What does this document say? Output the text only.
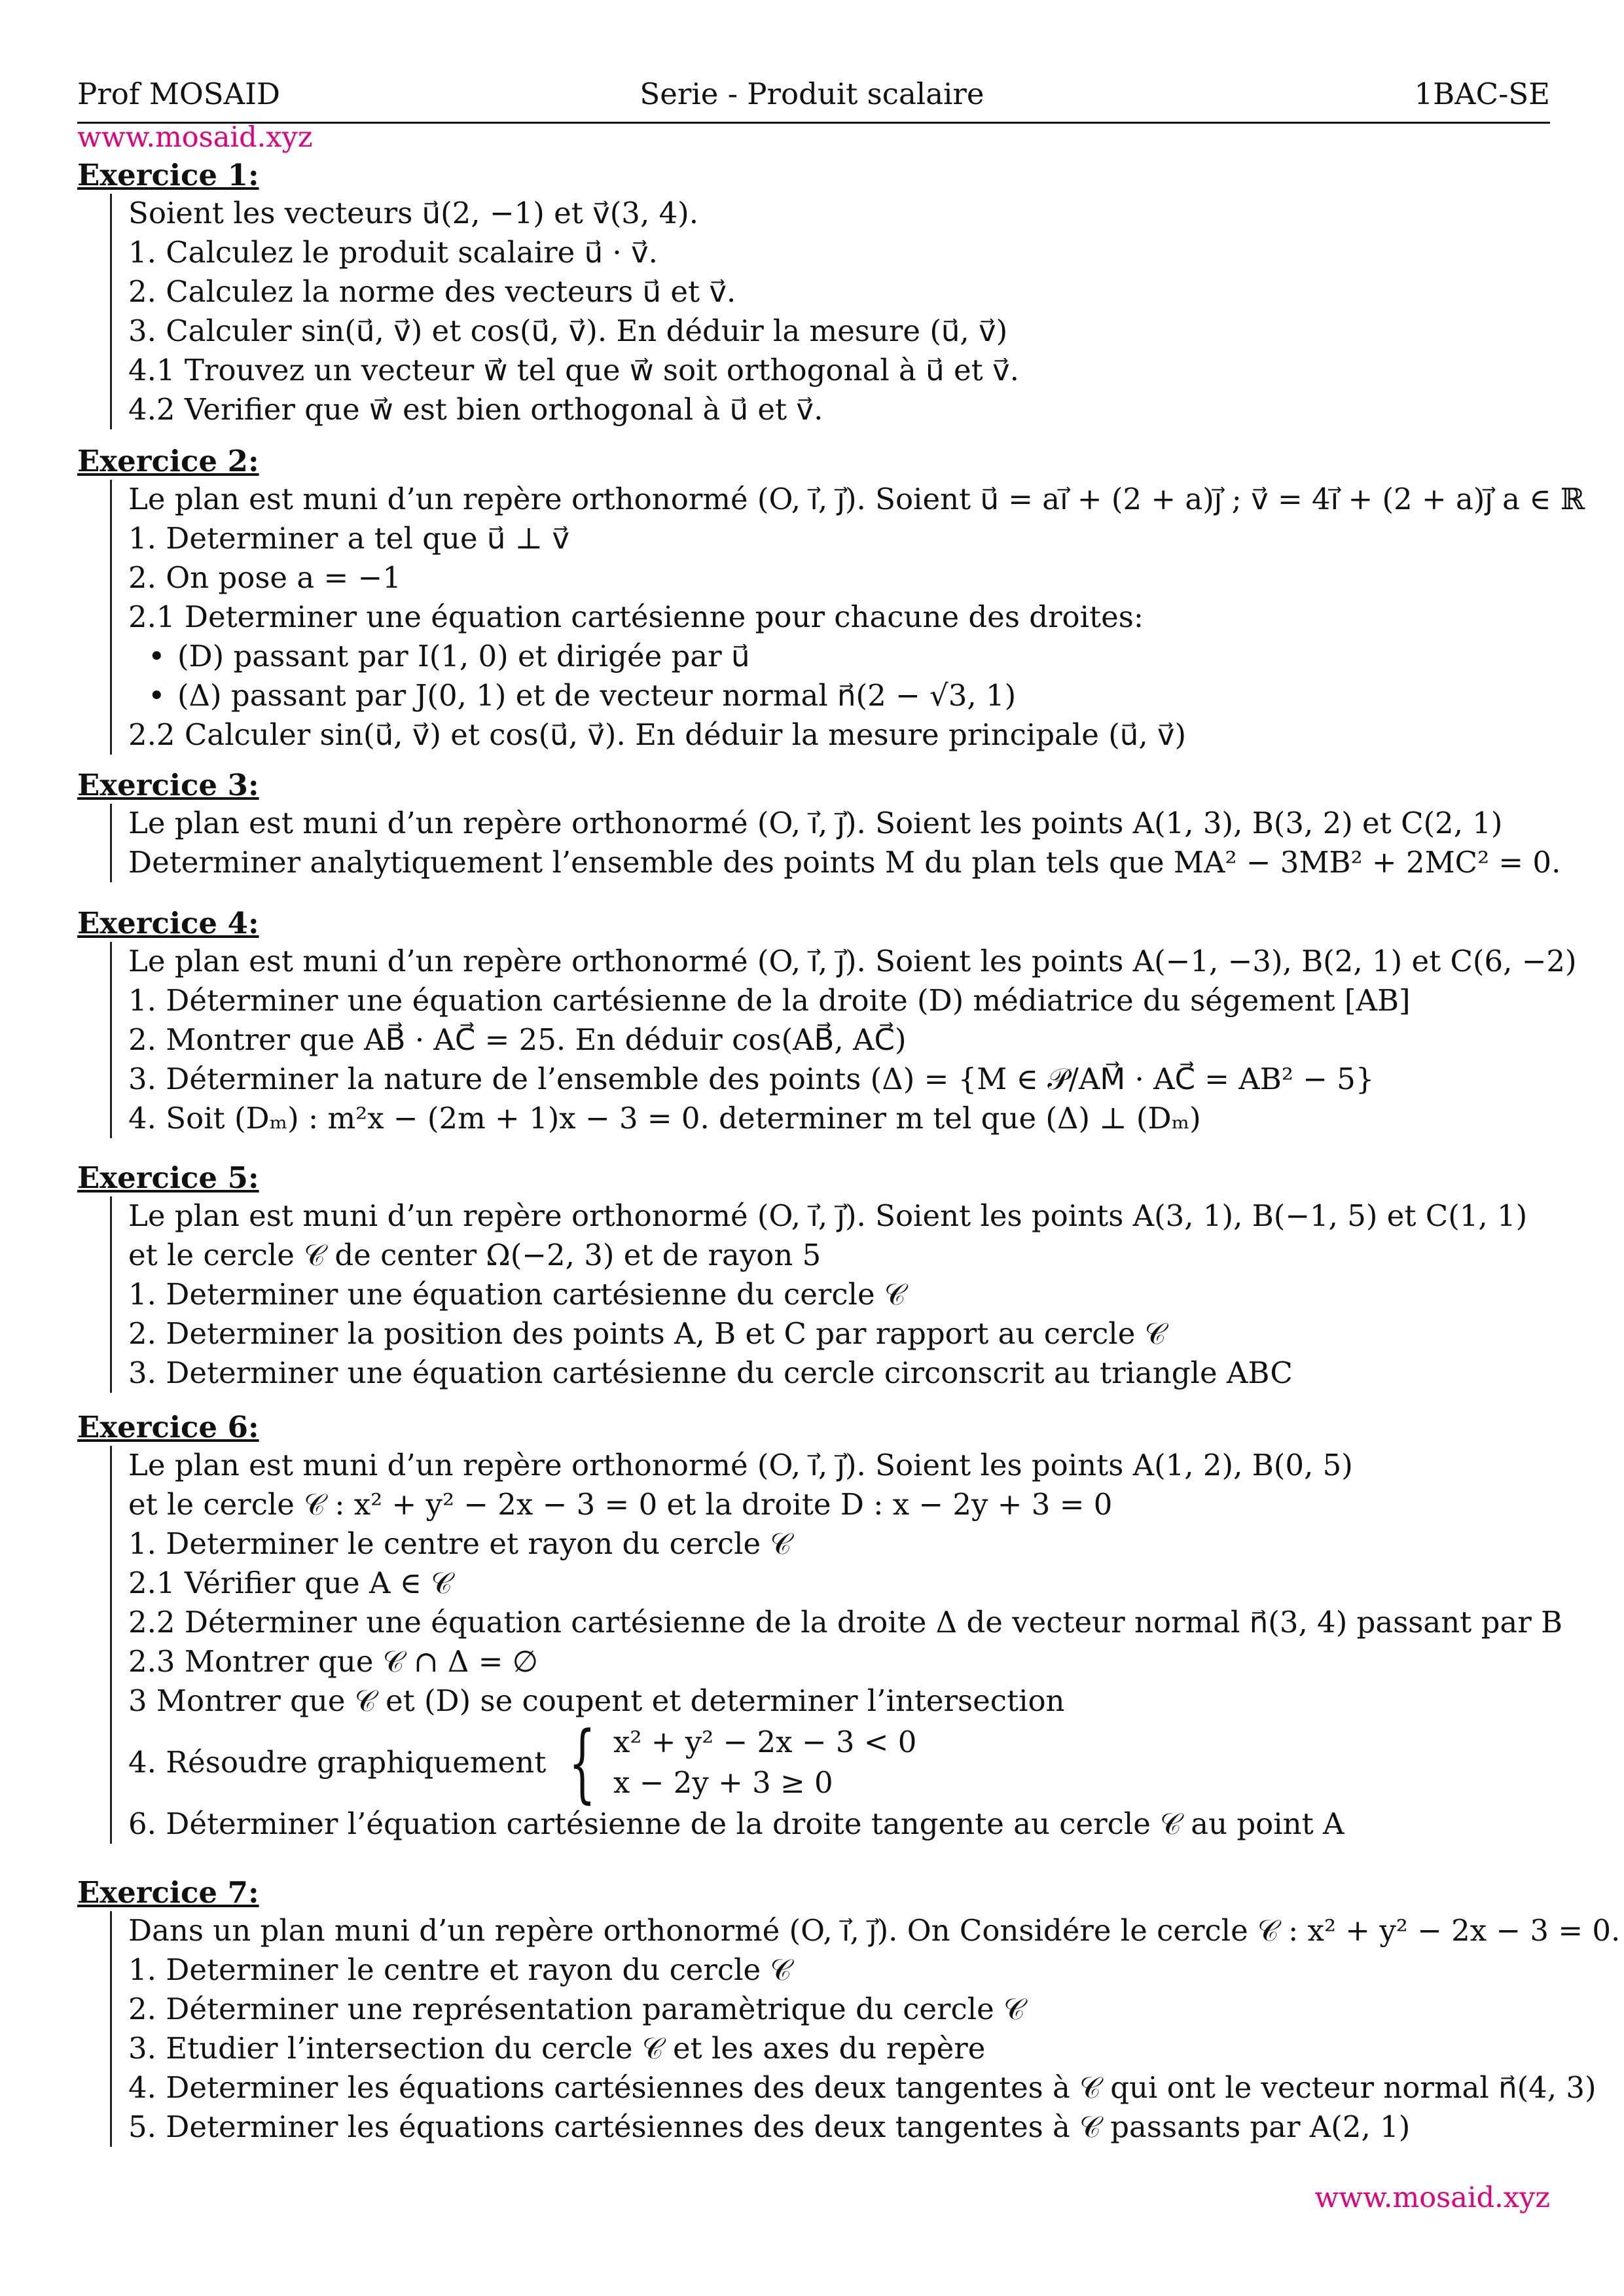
Prof MOSAID	Serie - Produit scalaire	1BAC-SE
www.mosaid.xyz
Exercice 1:
Soient les vecteurs u⃗(2, −1) et v⃗(3, 4).
1. Calculez le produit scalaire u⃗ · v⃗.
2. Calculez la norme des vecteurs u⃗ et v⃗.
3. Calculer sin(u⃗, v⃗) et cos(u⃗, v⃗). En déduir la mesure (u⃗, v⃗)
4.1 Trouvez un vecteur w⃗ tel que w⃗ soit orthogonal à u⃗ et v⃗.
4.2 Verifier que w⃗ est bien orthogonal à u⃗ et v⃗.
Exercice 2:
Le plan est muni d’un repère orthonormé (O, i⃗, j⃗). Soient u⃗ = ai⃗ + (2 + a)j⃗ ; v⃗ = 4i⃗ + (2 + a)j⃗ a ∈ ℝ
1. Determiner a tel que u⃗ ⊥ v⃗
2. On pose a = −1
2.1 Determiner une équation cartésienne pour chacune des droites:
• (D) passant par I(1, 0) et dirigée par u⃗
• (Δ) passant par J(0, 1) et de vecteur normal n⃗(2 − √3, 1)
2.2 Calculer sin(u⃗, v⃗) et cos(u⃗, v⃗). En déduir la mesure principale (u⃗, v⃗)
Exercice 3:
Le plan est muni d’un repère orthonormé (O, i⃗, j⃗). Soient les points A(1, 3), B(3, 2) et C(2, 1)
Determiner analytiquement l’ensemble des points M du plan tels que MA² − 3MB² + 2MC² = 0.
Exercice 4:
Le plan est muni d’un repère orthonormé (O, i⃗, j⃗). Soient les points A(−1, −3), B(2, 1) et C(6, −2)
1. Déterminer une équation cartésienne de la droite (D) médiatrice du ségement [AB]
2. Montrer que AB⃗ · AC⃗ = 25. En déduir cos(AB⃗, AC⃗)
3. Déterminer la nature de l’ensemble des points (Δ) = {M ∈ 𝒫/AM⃗ · AC⃗ = AB² − 5}
4. Soit (Dₘ) : m²x − (2m + 1)x − 3 = 0. determiner m tel que (Δ) ⊥ (Dₘ)
Exercice 5:
Le plan est muni d’un repère orthonormé (O, i⃗, j⃗). Soient les points A(3, 1), B(−1, 5) et C(1, 1) et le cercle 𝒞 de center Ω(−2, 3) et de rayon 5
1. Determiner une équation cartésienne du cercle 𝒞
2. Determiner la position des points A, B et C par rapport au cercle 𝒞
3. Determiner une équation cartésienne du cercle circonscrit au triangle ABC
Exercice 6:
Le plan est muni d’un repère orthonormé (O, i⃗, j⃗). Soient les points A(1, 2), B(0, 5)
et le cercle 𝒞 : x² + y² − 2x − 3 = 0 et la droite D : x − 2y + 3 = 0
1. Determiner le centre et rayon du cercle 𝒞
2.1 Vérifier que A ∈ 𝒞
2.2 Déterminer une équation cartésienne de la droite Δ de vecteur normal n⃗(3, 4) passant par B
2.3 Montrer que 𝒞 ∩ Δ = ∅
3 Montrer que 𝒞 et (D) se coupent et determiner l’intersection
4. Résoudre graphiquement { x² + y² − 2x − 3 < 0
x − 2y + 3 ≥ 0
6. Déterminer l’équation cartésienne de la droite tangente au cercle 𝒞 au point A
Exercice 7:
Dans un plan muni d’un repère orthonormé (O, i⃗, j⃗). On Considére le cercle 𝒞 : x² + y² − 2x − 3 = 0.
1. Determiner le centre et rayon du cercle 𝒞
2. Déterminer une représentation paramètrique du cercle 𝒞
3. Etudier l’intersection du cercle 𝒞 et les axes du repère
4. Determiner les équations cartésiennes des deux tangentes à 𝒞 qui ont le vecteur normal n⃗(4, 3)
5. Determiner les équations cartésiennes des deux tangentes à 𝒞 passants par A(2, 1)
www.mosaid.xyz
